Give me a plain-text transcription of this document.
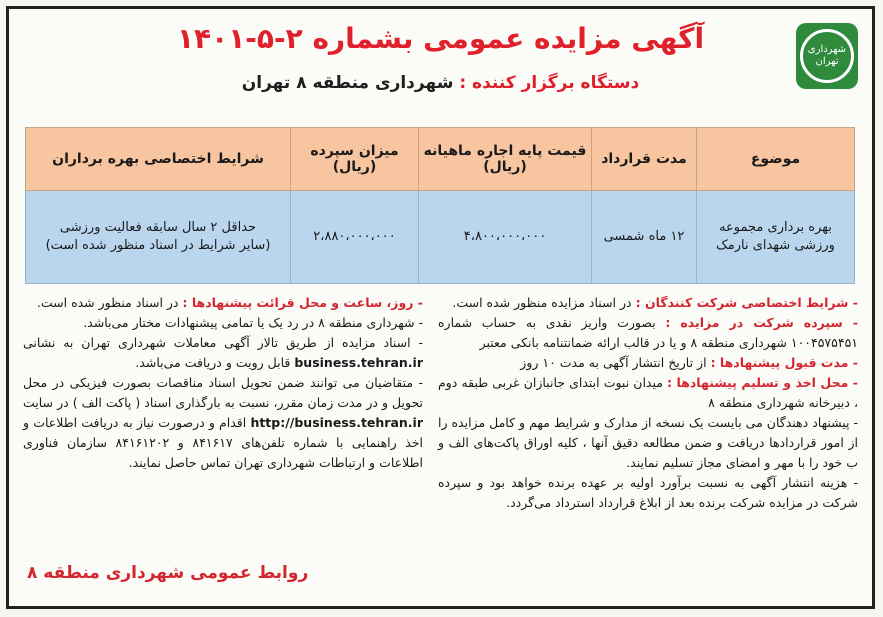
شهرداری تهران
آگهی مزایده عمومی بشماره ۲-۵-۱۴۰۱
دستگاه برگزار کننده : شهرداری منطقه ۸ تهران
موضوع	مدت قرارداد	قیمت پایه اجاره ماهیانه (ریال)	میزان سپرده (ریال)	شرایط اختصاصی بهره برداران
بهره برداری مجموعه ورزشی شهدای نارمک	۱۲ ماه شمسی	۴،۸۰۰،۰۰۰،۰۰۰	۲،۸۸۰،۰۰۰،۰۰۰	حداقل ۲ سال سابقه فعالیت ورزشی
(سایر شرایط در اسناد منظور شده است)
- شرایط اختصاصی شرکت کنندگان : در اسناد مزایده منظور شده است.
- سپرده شرکت در مزایده : بصورت واریز نقدی به حساب شماره ۱۰۰۴۵۷۵۴۵۱ شهرداری منطقه ۸ و یا در قالب ارائه ضمانتنامه بانکی معتبر
- مدت قبول پیشنهادها : از تاریخ انتشار آگهی به مدت ۱۰ روز
- محل اخذ و تسلیم پیشنهادها : میدان نبوت ابتدای جانبازان غربی طبقه دوم ، دبیرخانه شهرداری منطقه ۸
- پیشنهاد دهندگان می بایست یک نسخه از مدارک و شرایط مهم و کامل مزایده را از امور قراردادها دریافت و ضمن مطالعه دقیق آنها ، کلیه اوراق پاکت‌های الف و ب خود را با مهر و امضای مجاز تسلیم نمایند.
- هزینه انتشار آگهی به نسبت برآورد اولیه بر عهده برنده خواهد بود و سپرده شرکت در مزایده شرکت برنده بعد از ابلاغ قرارداد استرداد می‌گردد.
- روز، ساعت و محل قرائت پیشنهادها : در اسناد منظور شده است.
- شهرداری منطقه ۸ در رد یک یا تمامی پیشنهادات مختار می‌باشد.
- اسناد مزایده از طریق تالار آگهی معاملات شهرداری تهران به نشانی business.tehran.ir قابل رویت و دریافت می‌باشد.
- متقاضیان می توانند ضمن تحویل اسناد مناقصات بصورت فیزیکی در محل تحویل و در مدت زمان مقرر، نسبت به بارگذاری اسناد ( پاکت الف ) در سایت http://business.tehran.ir اقدام و درصورت نیاز به دریافت اطلاعات و اخذ راهنمایی با شماره تلفن‌های ۸۴۱۶۱۷ و ۸۴۱۶۱۲۰۲ سازمان فناوری اطلاعات و ارتباطات شهرداری تهران تماس حاصل نمایند.
روابط عمومی شهرداری منطقه ۸
